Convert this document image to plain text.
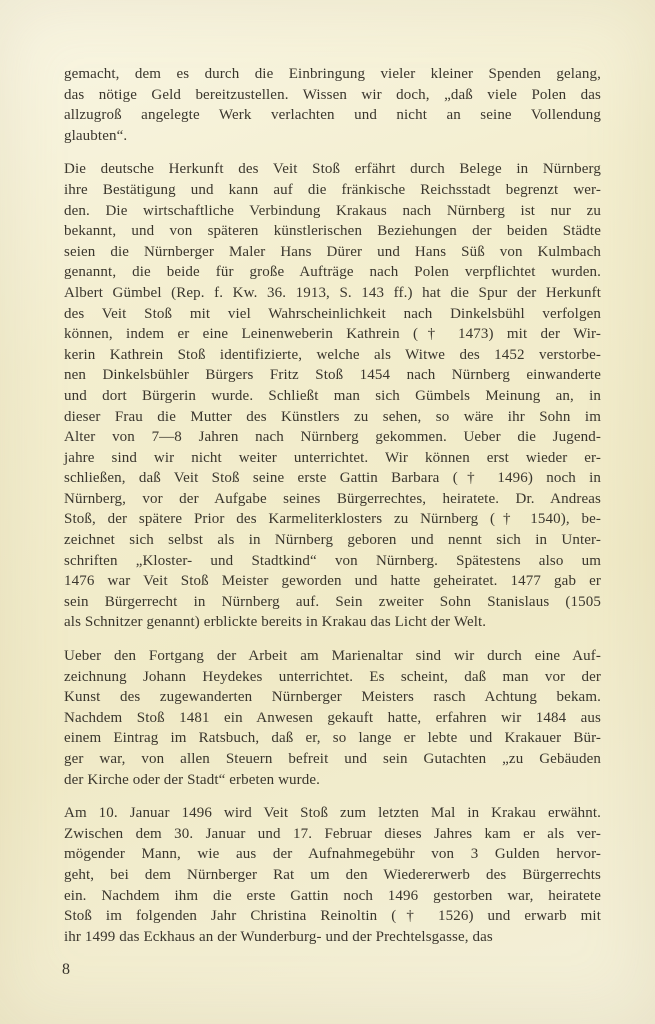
gemacht, dem es durch die Einbringung vieler kleiner Spenden gelang,
das nötige Geld bereitzustellen. Wissen wir doch, „daß viele Polen das
allzugroß angelegte Werk verlachten und nicht an seine Vollendung
glaubten“.

Die deutsche Herkunft des Veit Stoß erfährt durch Belege in Nürnberg
ihre Bestätigung und kann auf die fränkische Reichsstadt begrenzt wer-
den. Die wirtschaftliche Verbindung Krakaus nach Nürnberg ist nur zu
bekannt, und von späteren künstlerischen Beziehungen der beiden Städte
seien die Nürnberger Maler Hans Dürer und Hans Süß von Kulmbach
genannt, die beide für große Aufträge nach Polen verpflichtet wurden.
Albert Gümbel (Rep. f. Kw. 36. 1913, S. 143 ff.) hat die Spur der Herkunft
des Veit Stoß mit viel Wahrscheinlichkeit nach Dinkelsbühl verfolgen
können, indem er eine Leinenweberin Kathrein († 1473) mit der Wir-
kerin Kathrein Stoß identifizierte, welche als Witwe des 1452 verstorbe-
nen Dinkelsbühler Bürgers Fritz Stoß 1454 nach Nürnberg einwanderte
und dort Bürgerin wurde. Schließt man sich Gümbels Meinung an, in
dieser Frau die Mutter des Künstlers zu sehen, so wäre ihr Sohn im
Alter von 7—8 Jahren nach Nürnberg gekommen. Ueber die Jugend-
jahre sind wir nicht weiter unterrichtet. Wir können erst wieder er-
schließen, daß Veit Stoß seine erste Gattin Barbara († 1496) noch in
Nürnberg, vor der Aufgabe seines Bürgerrechtes, heiratete. Dr. Andreas
Stoß, der spätere Prior des Karmeliterklosters zu Nürnberg († 1540), be-
zeichnet sich selbst als in Nürnberg geboren und nennt sich in Unter-
schriften „Kloster- und Stadtkind“ von Nürnberg. Spätestens also um
1476 war Veit Stoß Meister geworden und hatte geheiratet. 1477 gab er
sein Bürgerrecht in Nürnberg auf. Sein zweiter Sohn Stanislaus (1505
als Schnitzer genannt) erblickte bereits in Krakau das Licht der Welt.

Ueber den Fortgang der Arbeit am Marienaltar sind wir durch eine Auf-
zeichnung Johann Heydekes unterrichtet. Es scheint, daß man vor der
Kunst des zugewanderten Nürnberger Meisters rasch Achtung bekam.
Nachdem Stoß 1481 ein Anwesen gekauft hatte, erfahren wir 1484 aus
einem Eintrag im Ratsbuch, daß er, so lange er lebte und Krakauer Bür-
ger war, von allen Steuern befreit und sein Gutachten „zu Gebäuden
der Kirche oder der Stadt“ erbeten wurde.

Am 10. Januar 1496 wird Veit Stoß zum letzten Mal in Krakau erwähnt.
Zwischen dem 30. Januar und 17. Februar dieses Jahres kam er als ver-
mögender Mann, wie aus der Aufnahmegebühr von 3 Gulden hervor-
geht, bei dem Nürnberger Rat um den Wiedererwerb des Bürgerrechts
ein. Nachdem ihm die erste Gattin noch 1496 gestorben war, heiratete
Stoß im folgenden Jahr Christina Reinoltin († 1526) und erwarb mit
ihr 1499 das Eckhaus an der Wunderburg- und der Prechtelsgasse, das

8
